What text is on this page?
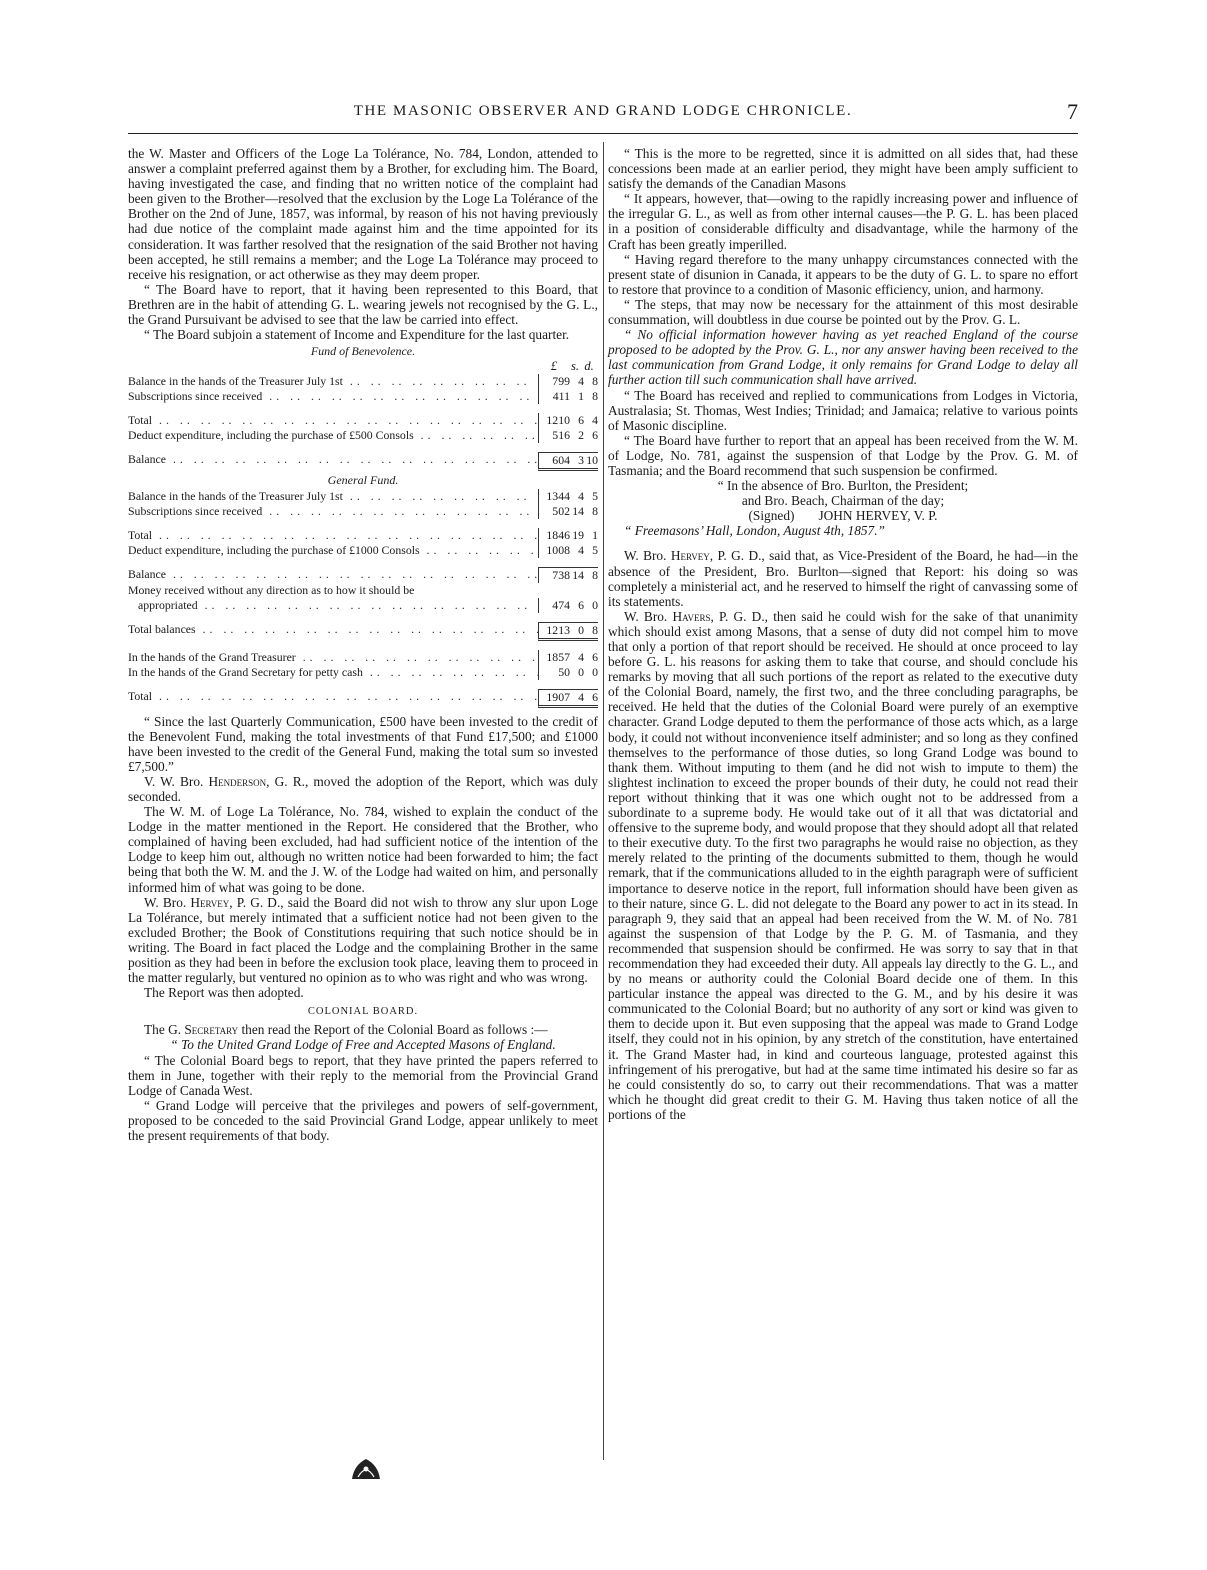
THE MASONIC OBSERVER AND GRAND LODGE CHRONICLE.	7

the W. Master and Officers of the Loge La Tolérance, No. 784, London, attended to answer a complaint preferred against them by a Brother, for excluding him. The Board, having investigated the case, and finding that no written notice of the complaint had been given to the Brother—resolved that the exclusion by the Loge La Tolérance of the Brother on the 2nd of June, 1857, was informal, by reason of his not having previously had due notice of the complaint made against him and the time appointed for its consideration. It was farther resolved that the resignation of the said Brother not having been accepted, he still remains a member; and the Loge La Tolérance may proceed to receive his resignation, or act otherwise as they may deem proper.

“ The Board have to report, that it having been represented to this Board, that Brethren are in the habit of attending G. L. wearing jewels not recognised by the G. L., the Grand Pursuivant be advised to see that the law be carried into effect.

“ The Board subjoin a statement of Income and Expenditure for the last quarter.

Fund of Benevolence.
£	s. d.
Balance in the hands of the Treasurer July 1st .. ..	799 4 8
Subscriptions since received .. ..	411 1 8
Total .. ..	1210 6 4
Deduct expenditure, including the purchase of £500 Consols .. ..	516 2 6
Balance .. ..	604 3 10
General Fund.
Balance in the hands of the Treasurer July 1st .. ..	1344 4 5
Subscriptions since received .. ..	502 14 8
Total .. ..	1846 19 1
Deduct expenditure, including the purchase of £1000 Consols .. ..	1008 4 5
Balance .. ..	738 14 8
Money received without any direction as to how it should be
appropriated .. ..	474 6 0
Total balances .. ..	1213 0 8
In the hands of the Grand Treasurer .. ..	1857 4 6
In the hands of the Grand Secretary for petty cash .. ..	50 0 0
Total .. ..	1907 4 6

“ Since the last Quarterly Communication, £500 have been invested to the credit of the Benevolent Fund, making the total investments of that Fund £17,500; and £1000 have been invested to the credit of the General Fund, making the total sum so invested £7,500.”

V. W. Bro. Henderson, G. R., moved the adoption of the Report, which was duly seconded.

The W. M. of Loge La Tolérance, No. 784, wished to explain the conduct of the Lodge in the matter mentioned in the Report. He considered that the Brother, who complained of having been excluded, had had sufficient notice of the intention of the Lodge to keep him out, although no written notice had been forwarded to him; the fact being that both the W. M. and the J. W. of the Lodge had waited on him, and personally informed him of what was going to be done.

W. Bro. Hervey, P. G. D., said the Board did not wish to throw any slur upon Loge La Tolérance, but merely intimated that a sufficient notice had not been given to the excluded Brother; the Book of Constitutions requiring that such notice should be in writing. The Board in fact placed the Lodge and the complaining Brother in the same position as they had been in before the exclusion took place, leaving them to proceed in the matter regularly, but ventured no opinion as to who was right and who was wrong.

The Report was then adopted.

COLONIAL BOARD.

The G. Secretary then read the Report of the Colonial Board as follows :—

“ To the United Grand Lodge of Free and Accepted Masons of England.

“ The Colonial Board begs to report, that they have printed the papers referred to them in June, together with their reply to the memorial from the Provincial Grand Lodge of Canada West.

“ Grand Lodge will perceive that the privileges and powers of self-government, proposed to be conceded to the said Provincial Grand Lodge, appear unlikely to meet the present requirements of that body.

“ This is the more to be regretted, since it is admitted on all sides that, had these concessions been made at an earlier period, they might have been amply sufficient to satisfy the demands of the Canadian Masons

“ It appears, however, that—owing to the rapidly increasing power and influence of the irregular G. L., as well as from other internal causes—the P. G. L. has been placed in a position of considerable difficulty and disadvantage, while the harmony of the Craft has been greatly imperilled.

“ Having regard therefore to the many unhappy circumstances connected with the present state of disunion in Canada, it appears to be the duty of G. L. to spare no effort to restore that province to a condition of Masonic efficiency, union, and harmony.

“ The steps, that may now be necessary for the attainment of this most desirable consummation, will doubtless in due course be pointed out by the Prov. G. L.

“ No official information however having as yet reached England of the course proposed to be adopted by the Prov. G. L., nor any answer having been received to the last communication from Grand Lodge, it only remains for Grand Lodge to delay all further action till such communication shall have arrived.

“ The Board has received and replied to communications from Lodges in Victoria, Australasia; St. Thomas, West Indies; Trinidad; and Jamaica; relative to various points of Masonic discipline.

“ The Board have further to report that an appeal has been received from the W. M. of Lodge, No. 781, against the suspension of that Lodge by the Prov. G. M. of Tasmania; and the Board recommend that such suspension be confirmed.

“ In the absence of Bro. Burlton, the President;

and Bro. Beach, Chairman of the day;

(Signed) JOHN HERVEY, V. P.

“ Freemasons’ Hall, London, August 4th, 1857.”

W. Bro. Hervey, P. G. D., said that, as Vice-President of the Board, he had—in the absence of the President, Bro. Burlton—signed that Report: his doing so was completely a ministerial act, and he reserved to himself the right of canvassing some of its statements.

W. Bro. Havers, P. G. D., then said he could wish for the sake of that unanimity which should exist among Masons, that a sense of duty did not compel him to move that only a portion of that report should be received. He should at once proceed to lay before G. L. his reasons for asking them to take that course, and should conclude his remarks by moving that all such portions of the report as related to the executive duty of the Colonial Board, namely, the first two, and the three concluding paragraphs, be received. He held that the duties of the Colonial Board were purely of an exemptive character. Grand Lodge deputed to them the performance of those acts which, as a large body, it could not without inconvenience itself administer; and so long as they confined themselves to the performance of those duties, so long Grand Lodge was bound to thank them. Without imputing to them (and he did not wish to impute to them) the slightest inclination to exceed the proper bounds of their duty, he could not read their report without thinking that it was one which ought not to be addressed from a subordinate to a supreme body. He would take out of it all that was dictatorial and offensive to the supreme body, and would propose that they should adopt all that related to their executive duty. To the first two paragraphs he would raise no objection, as they merely related to the printing of the documents submitted to them, though he would remark, that if the communications alluded to in the eighth paragraph were of sufficient importance to deserve notice in the report, full information should have been given as to their nature, since G. L. did not delegate to the Board any power to act in its stead. In paragraph 9, they said that an appeal had been received from the W. M. of No. 781 against the suspension of that Lodge by the P. G. M. of Tasmania, and they recommended that suspension should be confirmed. He was sorry to say that in that recommendation they had exceeded their duty. All appeals lay directly to the G. L., and by no means or authority could the Colonial Board decide one of them. In this particular instance the appeal was directed to the G. M., and by his desire it was communicated to the Colonial Board; but no authority of any sort or kind was given to them to decide upon it. But even supposing that the appeal was made to Grand Lodge itself, they could not in his opinion, by any stretch of the constitution, have entertained it. The Grand Master had, in kind and courteous language, protested against this infringement of his prerogative, but had at the same time intimated his desire so far as he could consistently do so, to carry out their recommendations. That was a matter which he thought did great credit to their G. M. Having thus taken notice of all the portions of the
